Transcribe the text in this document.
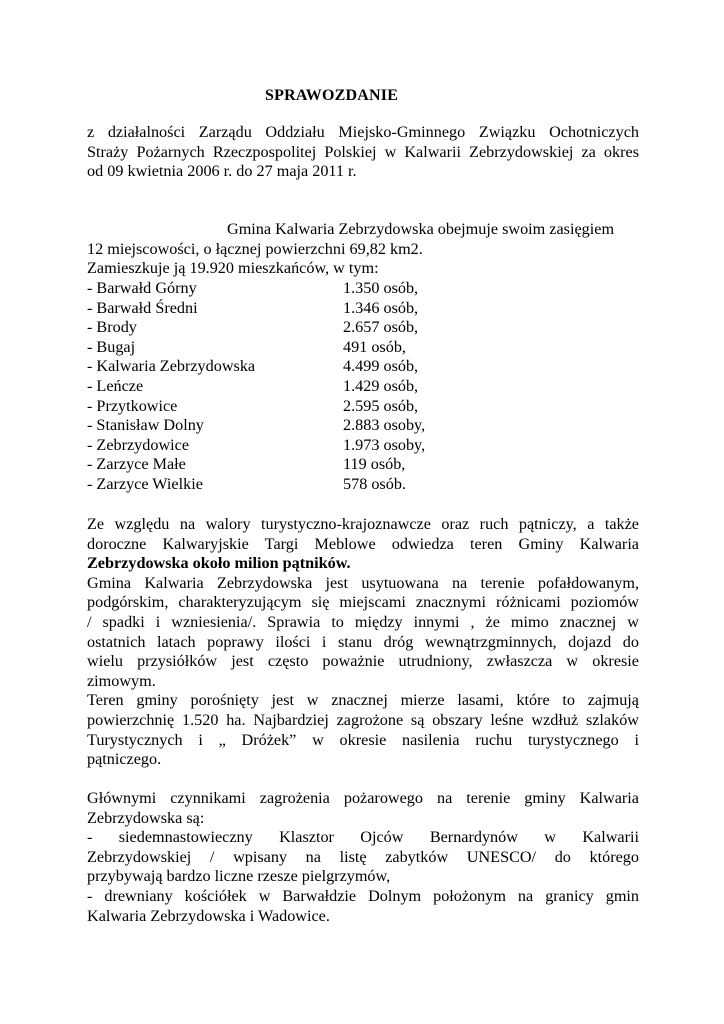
SPRAWOZDANIE
z działalności Zarządu Oddziału Miejsko-Gminnego Związku Ochotniczych
Straży Pożarnych Rzeczpospolitej Polskiej w Kalwarii Zebrzydowskiej za okres
od 09 kwietnia 2006 r. do 27 maja 2011 r.
Gmina Kalwaria Zebrzydowska obejmuje swoim zasięgiem
12 miejscowości, o łącznej powierzchni 69,82 km2.
Zamieszkuje ją 19.920 mieszkańców, w tym:
- Barwałd Górny	1.350 osób,
- Barwałd Średni	1.346 osób,
- Brody	2.657 osób,
- Bugaj	491 osób,
- Kalwaria Zebrzydowska	4.499 osób,
- Leńcze	1.429 osób,
- Przytkowice	2.595 osób,
- Stanisław Dolny	2.883 osoby,
- Zebrzydowice	1.973 osoby,
- Zarzyce Małe	119 osób,
- Zarzyce Wielkie	578 osób.
Ze względu na walory turystyczno-krajoznawcze oraz ruch pątniczy, a także
doroczne Kalwaryjskie Targi Meblowe odwiedza teren Gminy Kalwaria
Zebrzydowska około milion pątników.
Gmina Kalwaria Zebrzydowska jest usytuowana na terenie pofałdowanym,
podgórskim, charakteryzującym się miejscami znacznymi różnicami poziomów
/ spadki i wzniesienia/. Sprawia to między innymi , że mimo znacznej w
ostatnich latach poprawy ilości i stanu dróg wewnątrzgminnych, dojazd do
wielu przysiółków jest często poważnie utrudniony, zwłaszcza w okresie
zimowym.
Teren gminy porośnięty jest w znacznej mierze lasami, które to zajmują
powierzchnię 1.520 ha. Najbardziej zagrożone są obszary leśne wzdłuż szlaków
Turystycznych i „ Dróżek” w okresie nasilenia ruchu turystycznego i
pątniczego.
Głównymi czynnikami zagrożenia pożarowego na terenie gminy Kalwaria
Zebrzydowska są:
- siedemnastowieczny Klasztor Ojców Bernardynów w Kalwarii
Zebrzydowskiej / wpisany na listę zabytków UNESCO/ do którego
przybywają bardzo liczne rzesze pielgrzymów,
- drewniany kościółek w Barwałdzie Dolnym położonym na granicy gmin
Kalwaria Zebrzydowska i Wadowice.
